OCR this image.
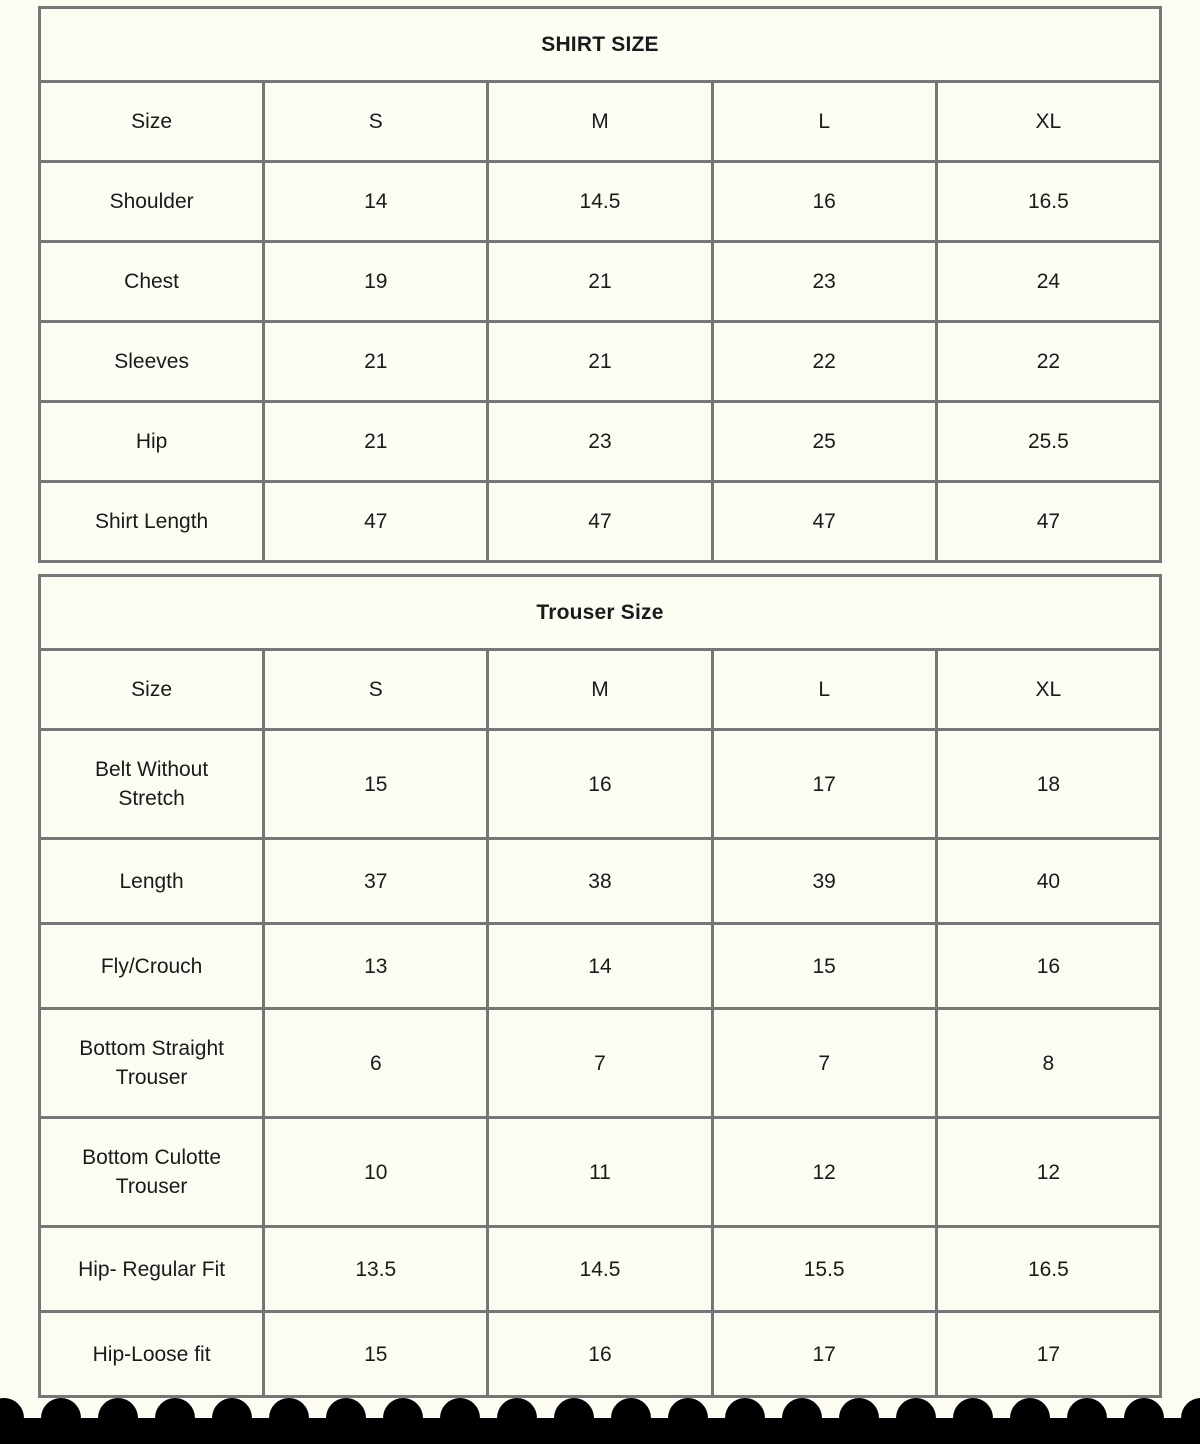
SHIRT SIZE				
Size	S	M	L	XL
Shoulder	14	14.5	16	16.5
Chest	19	21	23	24
Sleeves	21	21	22	22
Hip	21	23	25	25.5
Shirt Length	47	47	47	47
Trouser Size				
Size	S	M	L	XL
Belt Without
Stretch	15	16	17	18
Length	37	38	39	40
Fly/Crouch	13	14	15	16
Bottom Straight
Trouser	6	7	7	8
Bottom Culotte
Trouser	10	11	12	12
Hip- Regular Fit	13.5	14.5	15.5	16.5
Hip-Loose fit	15	16	17	17
